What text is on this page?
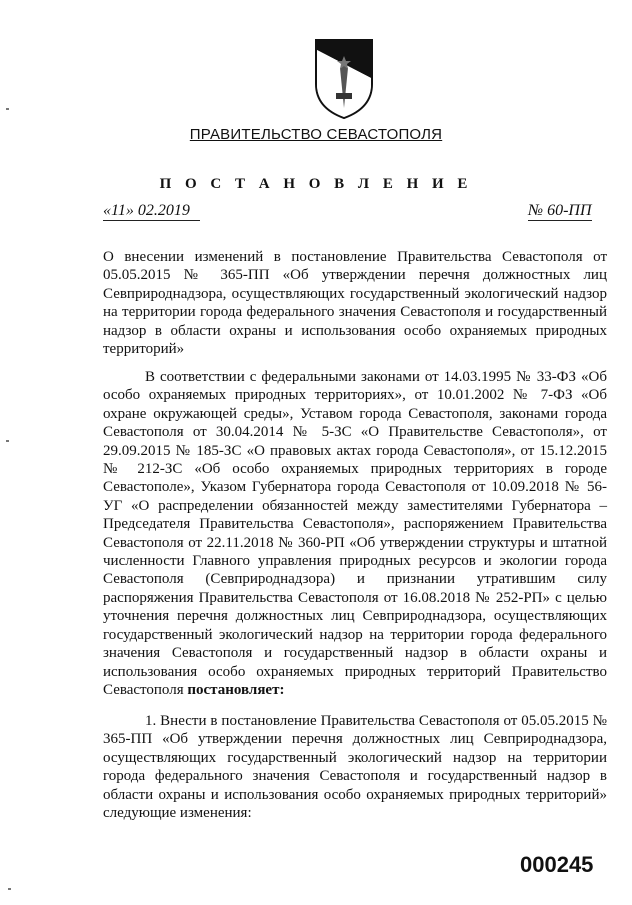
ПРАВИТЕЛЬСТВО СЕВАСТОПОЛЯ
П О С Т А Н О В Л Е Н И Е
«11» 02.2019	№ 60-ПП
О внесении изменений в постановление Правительства Севастополя от 05.05.2015 № 365-ПП «Об утверждении перечня должностных лиц Севприроднадзора, осуществляющих государственный экологический надзор на территории города федерального значения Севастополя и государственный надзор в области охраны и использования особо охраняемых природных территорий»
В соответствии с федеральными законами от 14.03.1995 № 33-ФЗ «Об особо охраняемых природных территориях», от 10.01.2002 № 7-ФЗ «Об охране окружающей среды», Уставом города Севастополя, законами города Севастополя от 30.04.2014 № 5-ЗС «О Правительстве Севастополя», от 29.09.2015 № 185-ЗС «О правовых актах города Севастополя», от 15.12.2015 № 212-ЗС «Об особо охраняемых природных территориях в городе Севастополе», Указом Губернатора города Севастополя от 10.09.2018 № 56-УГ «О распределении обязанностей между заместителями Губернатора – Председателя Правительства Севастополя», распоряжением Правительства Севастополя от 22.11.2018 № 360-РП «Об утверждении структуры и штатной численности Главного управления природных ресурсов и экологии города Севастополя (Севприроднадзора) и признании утратившим силу распоряжения Правительства Севастополя от 16.08.2018 № 252-РП» с целью уточнения перечня должностных лиц Севприроднадзора, осуществляющих государственный экологический надзор на территории города федерального значения Севастополя и государственный надзор в области охраны и использования особо охраняемых природных территорий Правительство Севастополя постановляет:
1. Внести в постановление Правительства Севастополя от 05.05.2015 № 365-ПП «Об утверждении перечня должностных лиц Севприроднадзора, осуществляющих государственный экологический надзор на территории города федерального значения Севастополя и государственный надзор в области охраны и использования особо охраняемых природных территорий» следующие изменения:
000245
